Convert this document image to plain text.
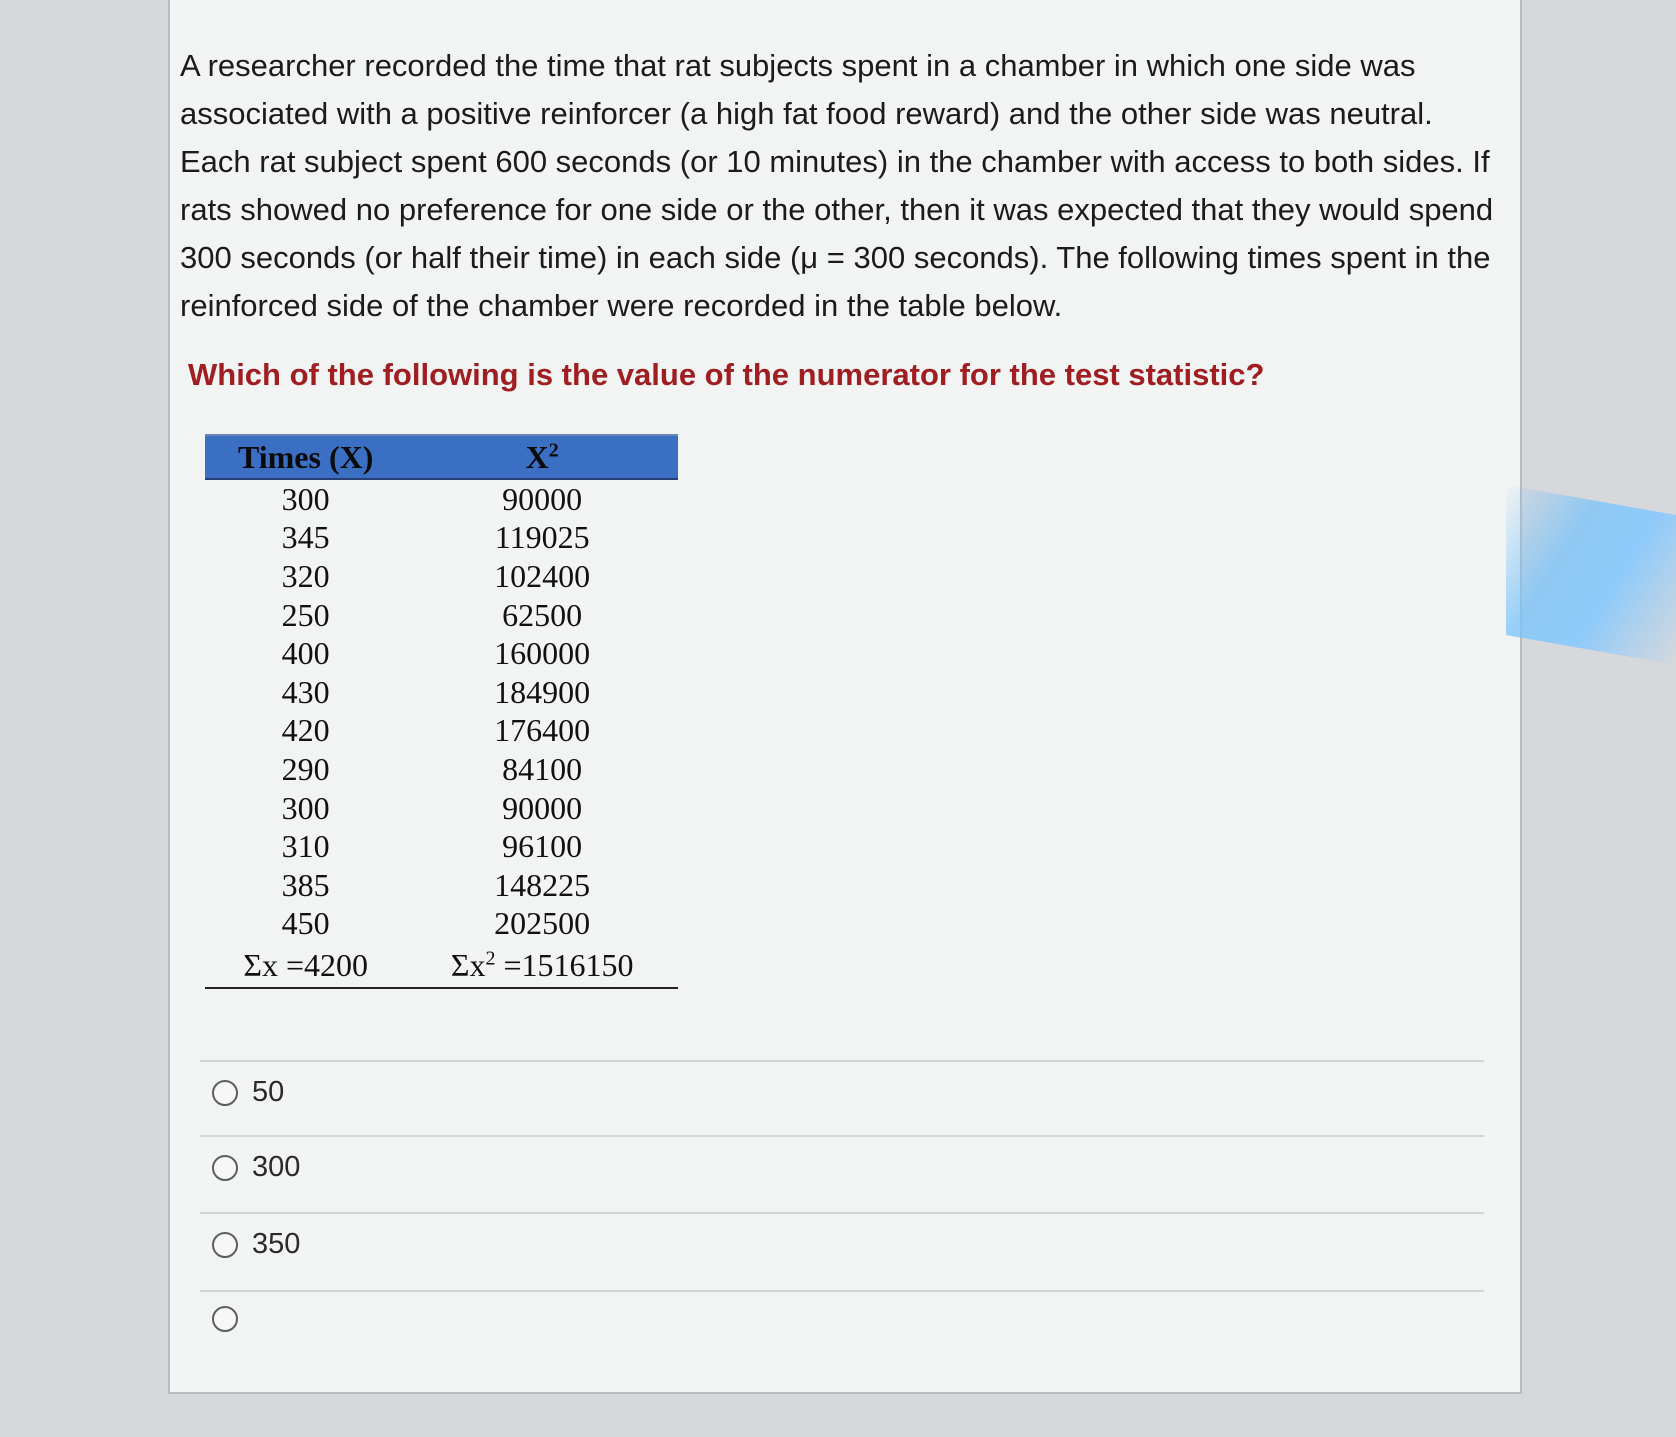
A researcher recorded the time that rat subjects spent in a chamber in which one side was associated with a positive reinforcer (a high fat food reward) and the other side was neutral. Each rat subject spent 600 seconds (or 10 minutes) in the chamber with access to both sides. If rats showed no preference for one side or the other, then it was expected that they would spend 300 seconds (or half their time) in each side (μ = 300 seconds). The following times spent in the reinforced side of the chamber were recorded in the table below.

Which of the following is the value of the numerator for the test statistic?

Times (X)	$X^2$
300	90000
345	119025
320	102400
250	62500
400	160000
430	184900
420	176400
290	84100
300	90000
310	96100
385	148225
450	202500
Σx =4200	$\Sigma x^2 =1516150$
50
300
350
